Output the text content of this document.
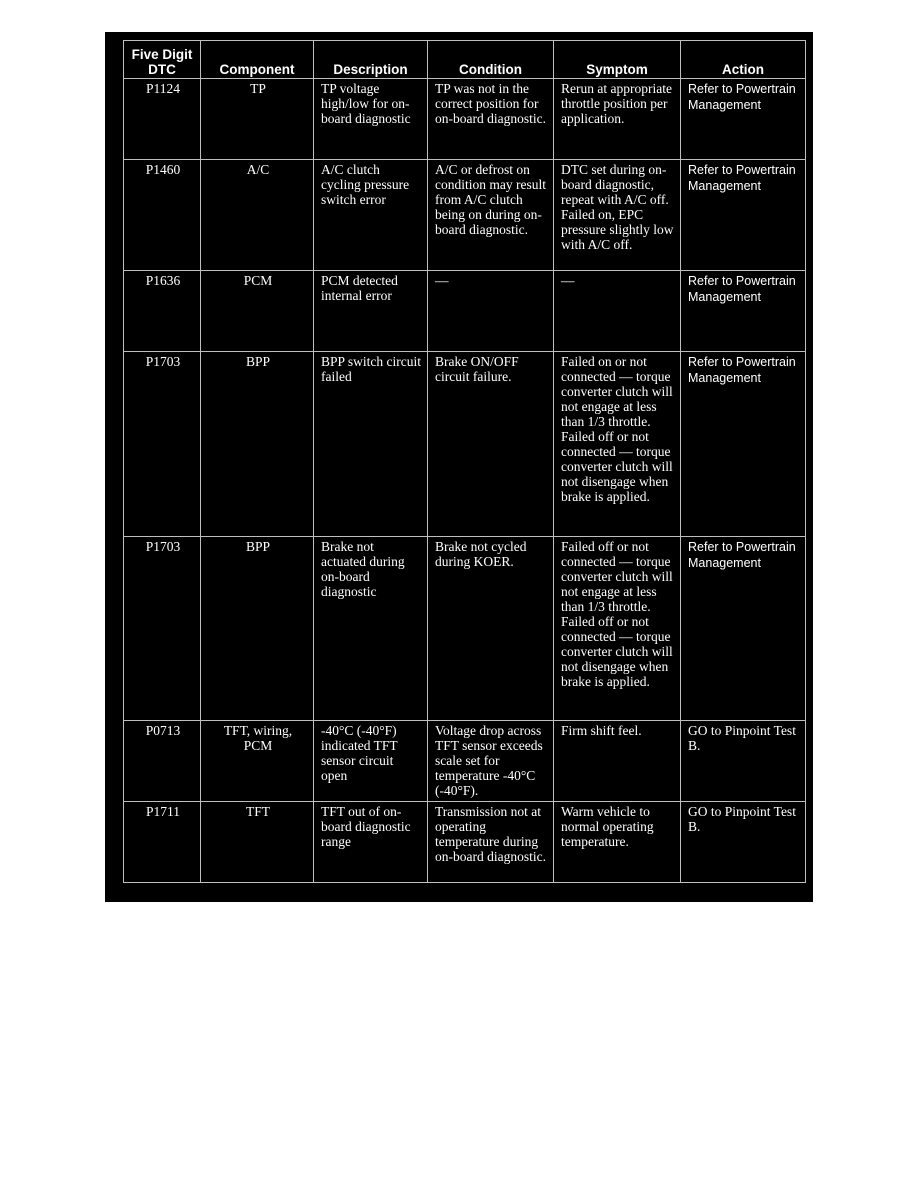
Five Digit DTC	Component	Description	Condition	Symptom	Action
P1124	TP	TP voltage high/low for on-board diagnostic	TP was not in the correct position for on-board diagnostic.	Rerun at appropriate throttle position per application.	Refer to Powertrain Management
P1460	A/C	A/C clutch cycling pressure switch error	A/C or defrost on condition may result from A/C clutch being on during on-board diagnostic.	DTC set during on-board diagnostic, repeat with A/C off. Failed on, EPC pressure slightly low with A/C off.	Refer to Powertrain Management
P1636	PCM	PCM detected internal error	—	—	Refer to Powertrain Management
P1703	BPP	BPP switch circuit failed	Brake ON/OFF circuit failure.	Failed on or not connected — torque converter clutch will not engage at less than 1/3 throttle. Failed off or not connected — torque converter clutch will not disengage when brake is applied.	Refer to Powertrain Management
P1703	BPP	Brake not actuated during on-board diagnostic	Brake not cycled during KOER.	Failed off or not connected — torque converter clutch will not engage at less than 1/3 throttle. Failed off or not connected — torque converter clutch will not disengage when brake is applied.	Refer to Powertrain Management
P0713	TFT, wiring, PCM	-40°C (-40°F) indicated TFT sensor circuit open	Voltage drop across TFT sensor exceeds scale set for temperature -40°C (-40°F).	Firm shift feel.	GO to Pinpoint Test B.
P1711	TFT	TFT out of on-board diagnostic range	Transmission not at operating temperature during on-board diagnostic.	Warm vehicle to normal operating temperature.	GO to Pinpoint Test B.
